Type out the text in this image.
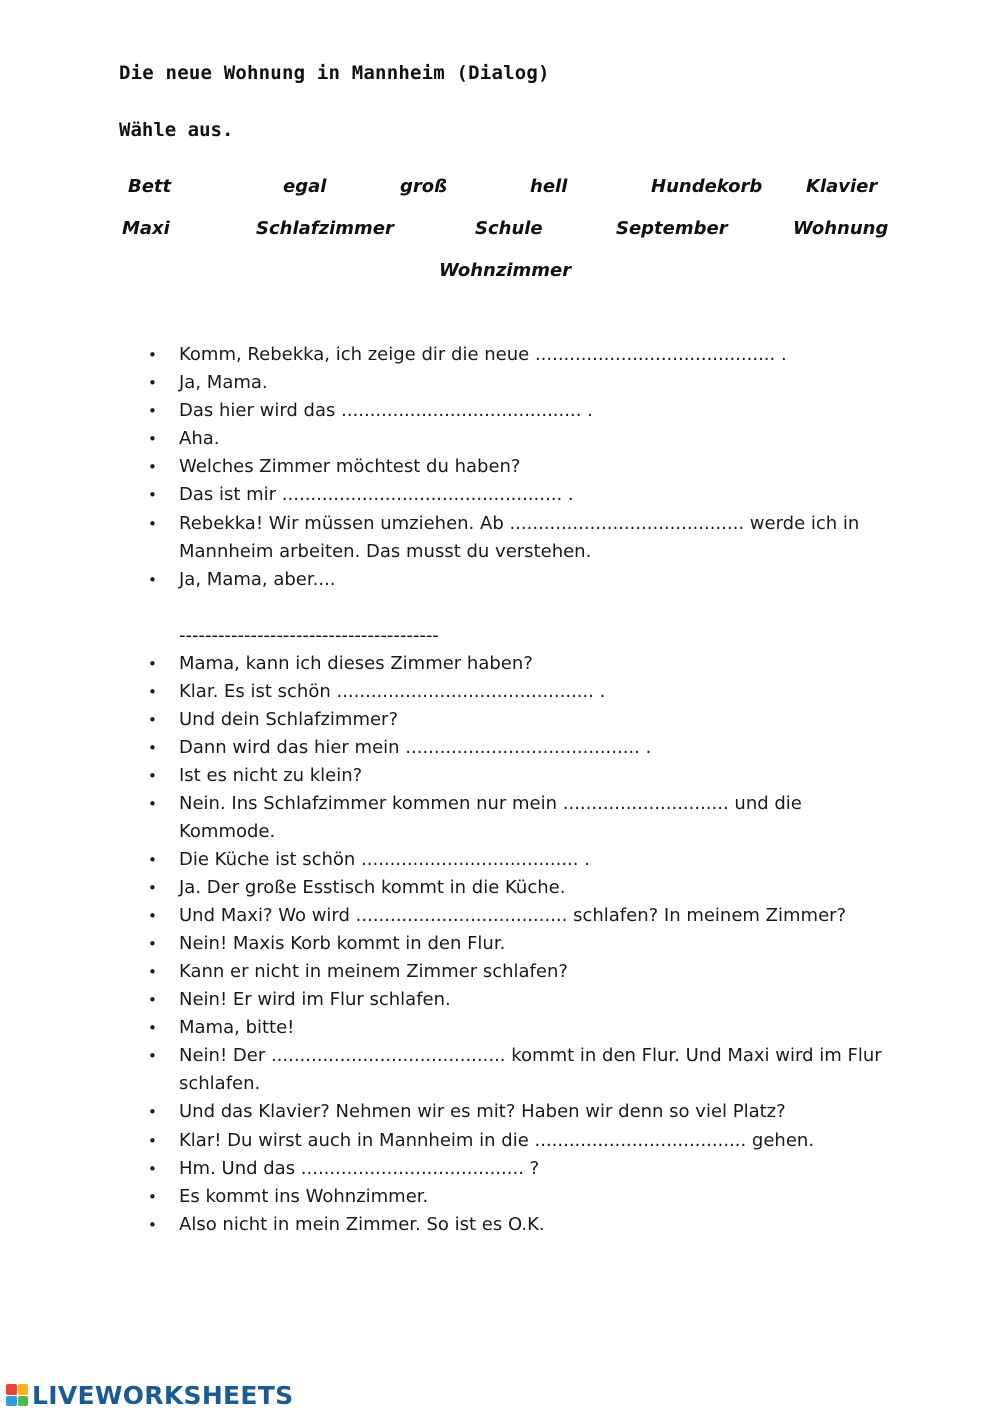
Die neue Wohnung in Mannheim (Dialog)
Wähle aus.
Bett	egal	groß	hell	Hundekorb Klavier
Maxi	Schlafzimmer	Schule	September	Wohnung
Wohnzimmer
• Komm, Rebekka, ich zeige dir die neue .......................................... .
• Ja, Mama.
• Das hier wird das .......................................... .
• Aha.
• Welches Zimmer möchtest du haben?
• Das ist mir ................................................. .
• Rebekka! Wir müssen umziehen. Ab ......................................... werde ich in
Mannheim arbeiten. Das musst du verstehen.
• Ja, Mama, aber....
----------------------------------------
• Mama, kann ich dieses Zimmer haben?
• Klar. Es ist schön ............................................. .
• Und dein Schlafzimmer?
• Dann wird das hier mein ......................................... .
• Ist es nicht zu klein?
• Nein. Ins Schlafzimmer kommen nur mein ............................. und die
Kommode.
• Die Küche ist schön ...................................... .
• Ja. Der große Esstisch kommt in die Küche.
• Und Maxi? Wo wird ..................................... schlafen? In meinem Zimmer?
• Nein! Maxis Korb kommt in den Flur.
• Kann er nicht in meinem Zimmer schlafen?
• Nein! Er wird im Flur schlafen.
• Mama, bitte!
• Nein! Der ......................................... kommt in den Flur. Und Maxi wird im Flur
schlafen.
• Und das Klavier? Nehmen wir es mit? Haben wir denn so viel Platz?
• Klar! Du wirst auch in Mannheim in die ..................................... gehen.
• Hm. Und das ....................................... ?
• Es kommt ins Wohnzimmer.
• Also nicht in mein Zimmer. So ist es O.K.
LIVEWORKSHEETS
